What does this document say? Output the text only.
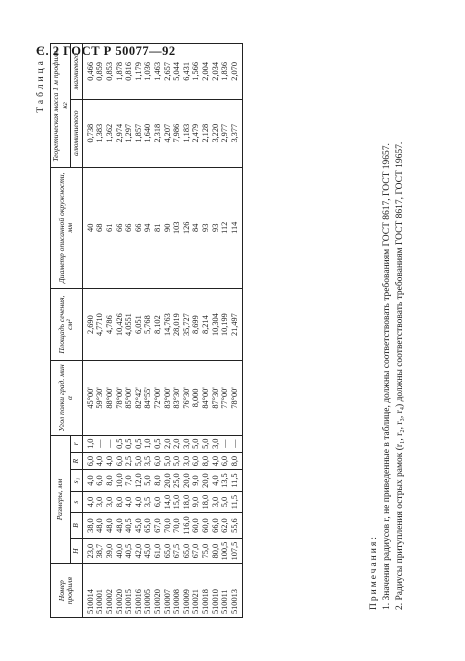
С. 2 ГОСТ Р 50077—92
Таблица 1
Номер профиля	Размеры, мм						Угол полки град. мин α	Площадь сечения, см²	Диаметр описанной окружности, мм	Теоретическая масса 1 м профиля, кг	
	H	B	s	s₁	R	r				алюминиевого	магниевого
510014	23,0	38,0	4,0	4,0	6,0	1,0	45°00'	2,690	40	0,738	0,466
510001	38,7	48,0	3,0	6,0	4,0	—	59°30'	4,7710	68	1,383	0,859
510002	39,0	48,0	3,0	8,0	4,0	—	88°00'	4,786	61	1,362	0,853
510020	40,0	48,0	8,0	10,0	6,0	0,5	78°00'	10,426	66	2,974	1,878
510015	40,5	40,5	4,0	7,0	2,5	0,5	85°00'	4,0551	66	1,297	0,816
510016	42,0	45,0	4,0	12,0	5,0	0,5	82°42'	6,051	66	1,857	1,179
510005	45,0	65,0	3,5	5,0	3,5	1,0	84°55'	5,768	94	1,640	1,036
510020	61,0	67,0	6,0	8,0	6,0	0,5	72°00'	8,102	81	2,318	1,463
510007	65,0	70,0	14,0	20,0	5,0	2,0	83°00'	14,763	90	4,207	2,657
510008	67,5	70,0	15,0	25,0	5,0	2,0	83°30'	28,019	103	7,986	5,044
510009	65,0	116,0	18,0	20,0	3,0	3,0	76°30'	35,727	126	1,183	6,431
510021	67,0	60,0	9,0	9,0	6,0	5,0	8,000	8,699	84	2,479	1,566
510018	75,0	60,0	18,0	20,0	8,0	5,0	84°00'	8,214	93	2,128	2,004
510010	80,0	66,0	3,0	4,0	4,0	3,0	87°30'	10,304	93	3,220	2,034
510011	100,5	62,0	5,0	13,5	6,0	—	77°00'	10,199	112	2,977	1,836
510013	107,5	55,6	11,5	11,5	8,0	—	78°00'	21,497	114	3,377	2,070
Примечания: 1. Значения радиусов r, не приведенные в таблице, должны соответствовать требованиям ГОСТ 8617, ГОСТ 19657. 2. Радиусы притупления острых рамок (r₁, r₂, r₃, r₄) должны соответствовать требованиям ГОСТ 8617, ГОСТ 19657.
